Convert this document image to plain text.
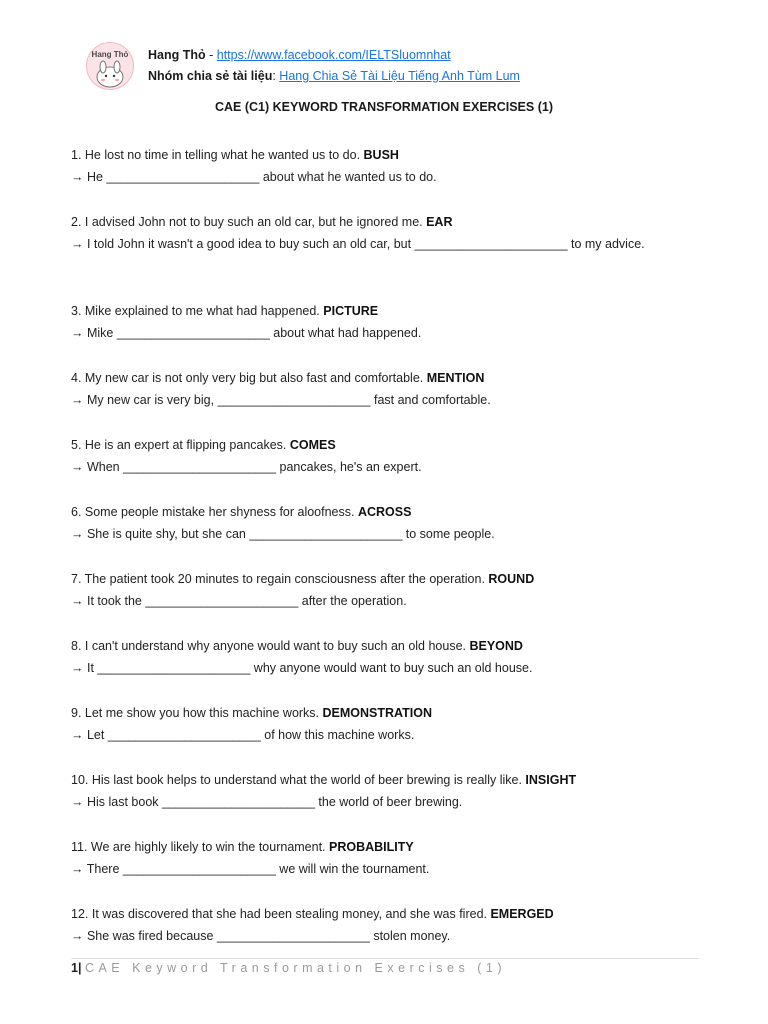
Hang Thỏ	Hang Thỏ - https://www.facebook.com/IELTSluomnhat
Nhóm chia sẻ tài liệu: Hang Chia Sẻ Tài Liệu Tiếng Anh Tùm Lum
CAE (C1) KEYWORD TRANSFORMATION EXERCISES (1)

1. He lost no time in telling what he wanted us to do. BUSH

→ He ______________________ about what he wanted us to do.

2. I advised John not to buy such an old car, but he ignored me. EAR

→ I told John it wasn't a good idea to buy such an old car, but ______________________ to my advice.

3. Mike explained to me what had happened. PICTURE

→ Mike ______________________ about what had happened.

4. My new car is not only very big but also fast and comfortable. MENTION

→ My new car is very big, ______________________ fast and comfortable.

5. He is an expert at flipping pancakes. COMES

→ When ______________________ pancakes, he's an expert.

6. Some people mistake her shyness for aloofness. ACROSS

→ She is quite shy, but she can ______________________ to some people.

7. The patient took 20 minutes to regain consciousness after the operation. ROUND

→ It took the ______________________ after the operation.

8. I can't understand why anyone would want to buy such an old house. BEYOND

→ It ______________________ why anyone would want to buy such an old house.

9. Let me show you how this machine works. DEMONSTRATION

→ Let ______________________ of how this machine works.

10. His last book helps to understand what the world of beer brewing is really like. INSIGHT

→ His last book ______________________ the world of beer brewing.

11. We are highly likely to win the tournament. PROBABILITY

→ There ______________________ we will win the tournament.

12. It was discovered that she had been stealing money, and she was fired. EMERGED

→ She was fired because ______________________ stolen money.

1| CAE Keyword Transformation Exercises (1)
